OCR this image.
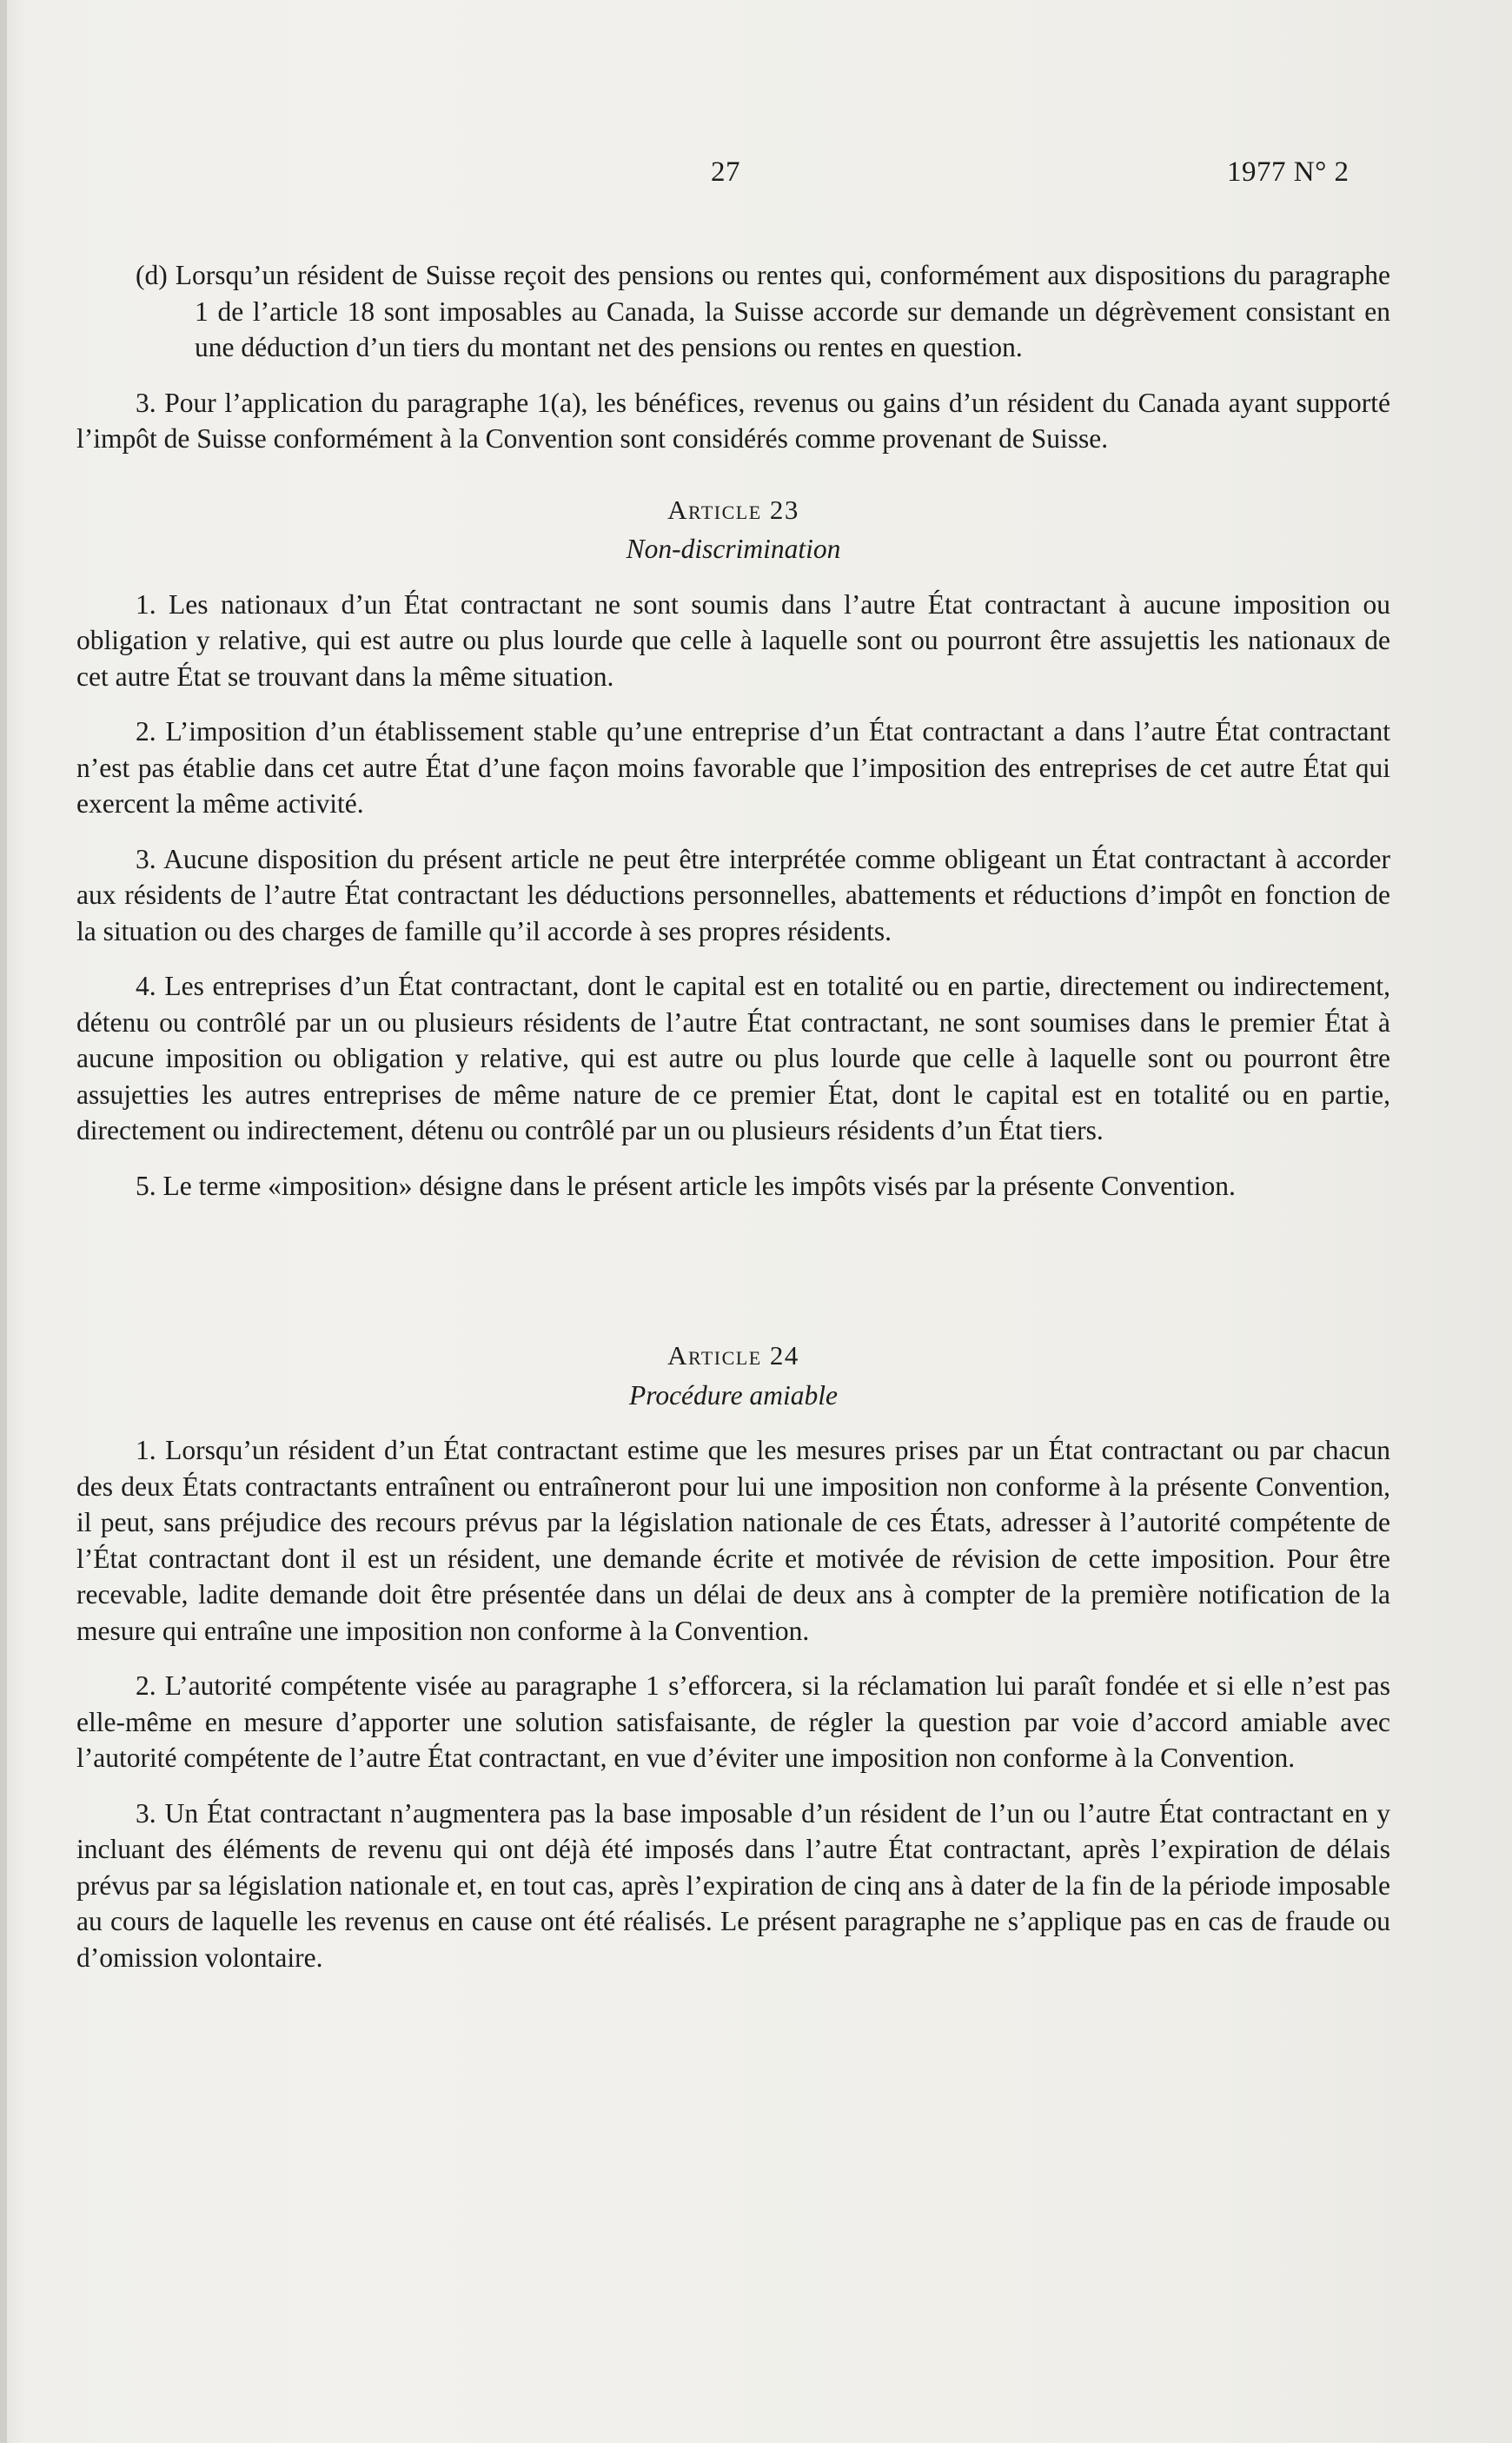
27	1977 N° 2

(d) Lorsqu’un résident de Suisse reçoit des pensions ou rentes qui, conformément aux dispositions du paragraphe 1 de l’article 18 sont imposables au Canada, la Suisse accorde sur demande un dégrèvement consistant en une déduction d’un tiers du montant net des pensions ou rentes en question.

3. Pour l’application du paragraphe 1(a), les bénéfices, revenus ou gains d’un résident du Canada ayant supporté l’impôt de Suisse conformément à la Convention sont considérés comme provenant de Suisse.

Article 23
Non-discrimination

1. Les nationaux d’un État contractant ne sont soumis dans l’autre État contractant à aucune imposition ou obligation y relative, qui est autre ou plus lourde que celle à laquelle sont ou pourront être assujettis les nationaux de cet autre État se trouvant dans la même situation.

2. L’imposition d’un établissement stable qu’une entreprise d’un État contractant a dans l’autre État contractant n’est pas établie dans cet autre État d’une façon moins favorable que l’imposition des entreprises de cet autre État qui exercent la même activité.

3. Aucune disposition du présent article ne peut être interprétée comme obligeant un État contractant à accorder aux résidents de l’autre État contractant les déductions personnelles, abattements et réductions d’impôt en fonction de la situation ou des charges de famille qu’il accorde à ses propres résidents.

4. Les entreprises d’un État contractant, dont le capital est en totalité ou en partie, directement ou indirectement, détenu ou contrôlé par un ou plusieurs résidents de l’autre État contractant, ne sont soumises dans le premier État à aucune imposition ou obligation y relative, qui est autre ou plus lourde que celle à laquelle sont ou pourront être assujetties les autres entreprises de même nature de ce premier État, dont le capital est en totalité ou en partie, directement ou indirectement, détenu ou contrôlé par un ou plusieurs résidents d’un État tiers.

5. Le terme «imposition» désigne dans le présent article les impôts visés par la présente Convention.

Article 24
Procédure amiable

1. Lorsqu’un résident d’un État contractant estime que les mesures prises par un État contractant ou par chacun des deux États contractants entraînent ou entraîneront pour lui une imposition non conforme à la présente Convention, il peut, sans préjudice des recours prévus par la législation nationale de ces États, adresser à l’autorité compétente de l’État contractant dont il est un résident, une demande écrite et motivée de révision de cette imposition. Pour être recevable, ladite demande doit être présentée dans un délai de deux ans à compter de la première notification de la mesure qui entraîne une imposition non conforme à la Convention.

2. L’autorité compétente visée au paragraphe 1 s’efforcera, si la réclamation lui paraît fondée et si elle n’est pas elle-même en mesure d’apporter une solution satisfaisante, de régler la question par voie d’accord amiable avec l’autorité compétente de l’autre État contractant, en vue d’éviter une imposition non conforme à la Convention.

3. Un État contractant n’augmentera pas la base imposable d’un résident de l’un ou l’autre État contractant en y incluant des éléments de revenu qui ont déjà été imposés dans l’autre État contractant, après l’expiration de délais prévus par sa législation nationale et, en tout cas, après l’expiration de cinq ans à dater de la fin de la période imposable au cours de laquelle les revenus en cause ont été réalisés. Le présent paragraphe ne s’applique pas en cas de fraude ou d’omission volontaire.
